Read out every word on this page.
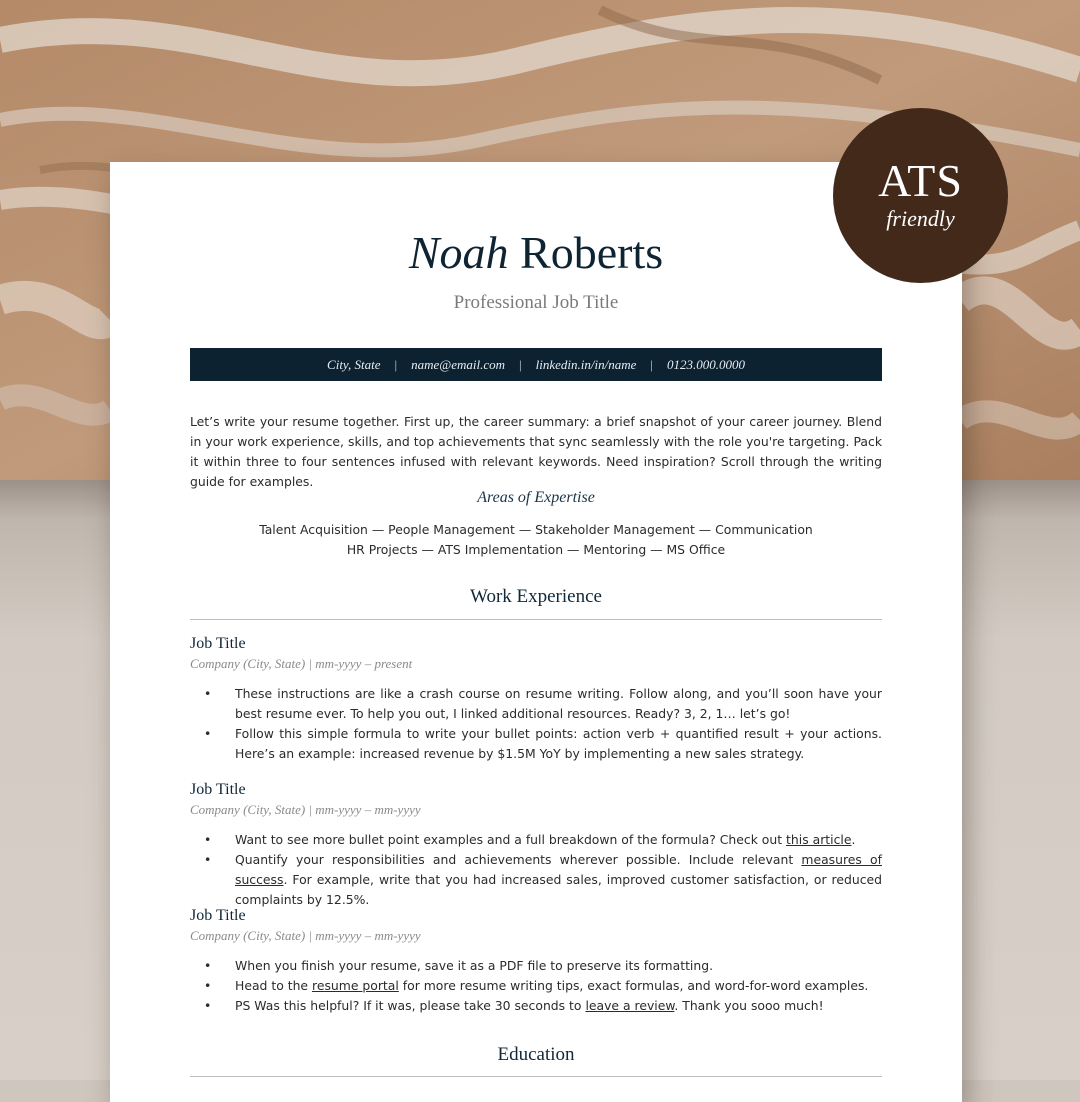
Noah Roberts
Professional Job Title
City, State | name@email.com | linkedin.in/in/name | 0123.000.0000
Let’s write your resume together. First up, the career summary: a brief snapshot of your career journey. Blend in your work experience, skills, and top achievements that sync seamlessly with the role you're targeting. Pack it within three to four sentences infused with relevant keywords. Need inspiration? Scroll through the writing guide for examples.
Areas of Expertise
Talent Acquisition — People Management — Stakeholder Management — Communication
HR Projects — ATS Implementation — Mentoring — MS Office
Work Experience
Job Title
Company (City, State) | mm-yyyy – present
• These instructions are like a crash course on resume writing. Follow along, and you’ll soon have your best resume ever. To help you out, I linked additional resources. Ready? 3, 2, 1… let’s go!
• Follow this simple formula to write your bullet points: action verb + quantified result + your actions. Here’s an example: increased revenue by $1.5M YoY by implementing a new sales strategy.
Job Title
Company (City, State) | mm-yyyy – mm-yyyy
• Want to see more bullet point examples and a full breakdown of the formula? Check out this article.
• Quantify your responsibilities and achievements wherever possible. Include relevant measures of success. For example, write that you had increased sales, improved customer satisfaction, or reduced complaints by 12.5%.
Job Title
Company (City, State) | mm-yyyy – mm-yyyy
• When you finish your resume, save it as a PDF file to preserve its formatting.
• Head to the resume portal for more resume writing tips, exact formulas, and word-for-word examples.
• PS Was this helpful? If it was, please take 30 seconds to leave a review. Thank you sooo much!
Education
ATS
friendly
